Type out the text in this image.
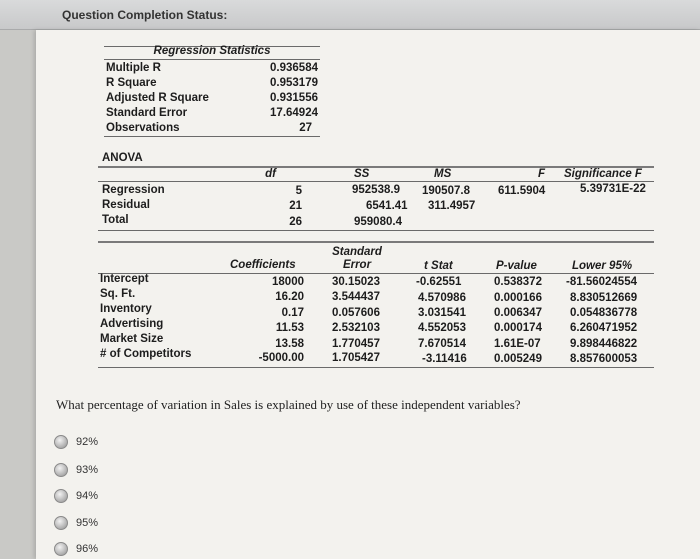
Question Completion Status:
Regression Statistics
Multiple R	0.936584
R Square	0.953179
Adjusted R Square	0.931556
Standard Error	17.64924
Observations	27
ANOVA
df	SS	MS	F Significance F
Regression	5	952538.9 190507.8 611.5904	5.39731E-22
Residual	21	6541.41 311.4957
Total	26	959080.4
Standard
Coefficients	Error	t Stat	P-value	Lower 95%
Intercept	18000 30.15023	-0.62551	0.538372 -81.56024554
Sq. Ft.	16.20 3.544437	4.570986 0.000166 8.830512669
Inventory	0.17 0.057606	3.031541 0.006347 0.054836778
Advertising	11.53 2.532103	4.552053 0.000174 6.260471952
Market Size	13.58 1.770457	7.670514 1.61E-07	9.898446822
# of Competitors	-5000.00 1.705427	-3.11416 0.005249 8.857600053
What percentage of variation in Sales is explained by use of these independent variables?
92%
93%
94%
95%
96%
